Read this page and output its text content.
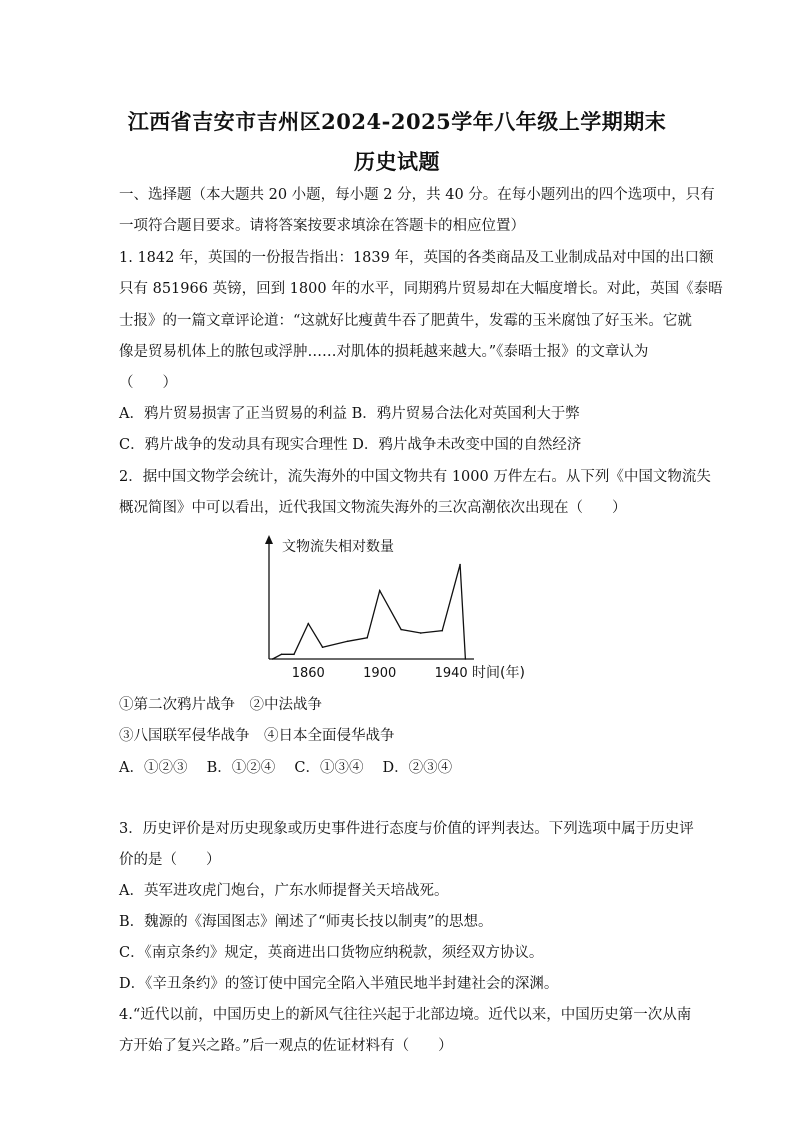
江西省吉安市吉州区2024-2025学年八年级上学期期末
历史试题
一、选择题（本大题共 20 小题，每小题 2 分，共 40 分。在每小题列出的四个选项中，只有
一项符合题目要求。请将答案按要求填涂在答题卡的相应位置）
1. 1842 年，英国的一份报告指出：1839 年，英国的各类商品及工业制成品对中国的出口额
只有 851966 英镑，回到 1800 年的水平，同期鸦片贸易却在大幅度增长。对此，英国《泰晤
士报》的一篇文章评论道：“这就好比瘦黄牛吞了肥黄牛，发霉的玉米腐蚀了好玉米。它就
像是贸易机体上的脓包或浮肿……对肌体的损耗越来越大。”《泰晤士报》的文章认为
（　　）
A．鸦片贸易损害了正当贸易的利益 B．鸦片贸易合法化对英国利大于弊
C．鸦片战争的发动具有现实合理性 D．鸦片战争未改变中国的自然经济
2．据中国文物学会统计，流失海外的中国文物共有 1000 万件左右。从下列《中国文物流失
概况简图》中可以看出，近代我国文物流失海外的三次高潮依次出现在（　　）
文物流失相对数量
时间(年)
1860	1900	1940
①第二次鸦片战争　②中法战争
③八国联军侵华战争　④日本全面侵华战争
A．①②③　 B．①②④　 C．①③④　 D．②③④
3．历史评价是对历史现象或历史事件进行态度与价值的评判表达。下列选项中属于历史评
价的是（　　）
A．英军进攻虎门炮台，广东水师提督关天培战死。
B．魏源的《海国图志》阐述了“师夷长技以制夷”的思想。
C．《南京条约》规定，英商进出口货物应纳税款，须经双方协议。
D．《辛丑条约》的签订使中国完全陷入半殖民地半封建社会的深渊。
4.“近代以前，中国历史上的新风气往往兴起于北部边境。近代以来，中国历史第一次从南
方开始了复兴之路。”后一观点的佐证材料有（　　）
